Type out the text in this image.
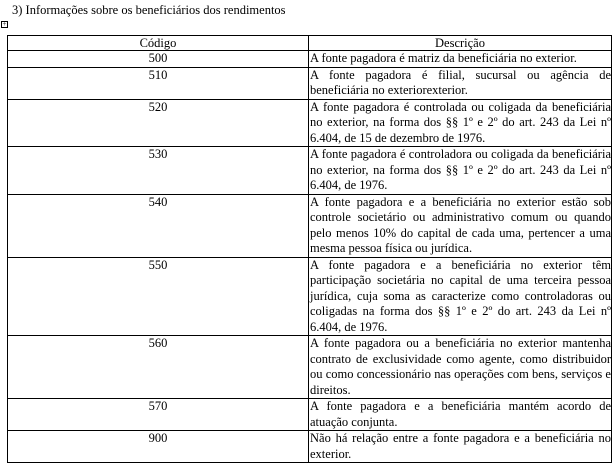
3) Informações sobre os beneficiários dos rendimentos
+
Código	Descrição
500	A fonte pagadora é matriz da beneficiária no exterior.
510	A fonte pagadora é filial, sucursal ou agência de beneficiária no exteriorexterior.
520	A fonte pagadora é controlada ou coligada da beneficiária no exterior, na forma dos §§ 1º e 2º do art. 243 da Lei nº 6.404, de 15 de dezembro de 1976.
530	A fonte pagadora é controladora ou coligada da beneficiária no exterior, na forma dos §§ 1º e 2º do art. 243 da Lei nº 6.404, de 1976.
540	A fonte pagadora e a beneficiária no exterior estão sob controle societário ou administrativo comum ou quando pelo menos 10% do capital de cada uma, pertencer a uma mesma pessoa física ou jurídica.
550	A fonte pagadora e a beneficiária no exterior têm participação societária no capital de uma terceira pessoa jurídica, cuja soma as caracterize como controladoras ou coligadas na forma dos §§ 1º e 2º do art. 243 da Lei nº 6.404, de 1976.
560	A fonte pagadora ou a beneficiária no exterior mantenha contrato de exclusividade como agente, como distribuidor ou como concessionário nas operações com bens, serviços e direitos.
570	A fonte pagadora e a beneficiária mantém acordo de atuação conjunta.
900	Não há relação entre a fonte pagadora e a beneficiária no exterior.
